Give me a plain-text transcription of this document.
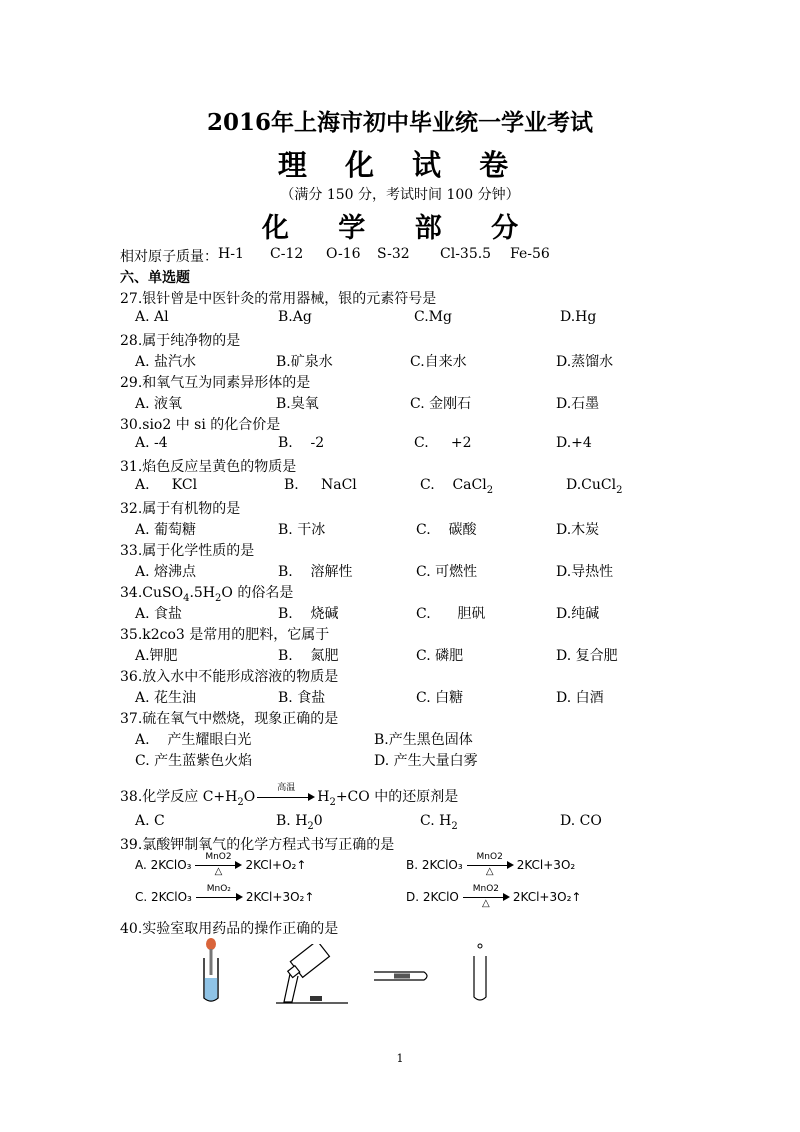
2016年上海市初中毕业统一学业考试
理 化 试 卷
（满分 150 分，考试时间 100 分钟）
化 学 部 分
相对原子质量： H-1 C-12 O-16 S-32 Cl-35.5 Fe-56
六、单选题
27.银针曾是中医针灸的常用器械，银的元素符号是
A. Al	B.Ag	C.Mg	D.Hg
28.属于纯净物的是
A. 盐汽水	B.矿泉水	C.自来水	D.蒸馏水
29.和氧气互为同素异形体的是
A. 液氧	B.臭氧	C. 金刚石	D.石墨
30.sio2 中 si 的化合价是
A. -4	B.    -2	C.     +2	D.+4
31.焰色反应呈黄色的物质是
A.     KCl	B.     NaCl	C.    CaCl$_2$	D.CuCl$_2$
32.属于有机物的是
A. 葡萄糖	B. 干冰	C.    碳酸	D.木炭
33.属于化学性质的是
A. 熔沸点	B.    溶解性	C. 可燃性	D.导热性
$34.CuSO_4.5H_2O$ 的俗名是
A. 食盐	B.    烧碱	C.      胆矾	D.纯碱
35.k2co3 是常用的肥料，它属于
A.钾肥	B.    氮肥	C. 磷肥	D. 复合肥
36.放入水中不能形成溶液的物质是
A. 花生油	B. 食盐	C. 白糖	D. 白酒
37.硫在氧气中燃烧，现象正确的是
A.    产生耀眼白光	B.产生黑色固体
C. 产生蓝紫色火焰	D. 产生大量白雾
38.化学反应 $C+H_2O$
高温
$H_2+CO$ 中的还原剂是
A. C	B. $H_20$	C. $H_2$	D. CO
39.氯酸钾制氧气的化学方程式书写正确的是
A. 2KClO₃
MnO2
△	2KCl+O₂↑	B. 2KClO₃
MnO2
△	2KCl+3O₂
C. 2KClO₃
MnO₂
2KCl+3O₂↑	D. 2KClO
MnO2
△	2KCl+3O₂↑
40.实验室取用药品的操作正确的是
1
